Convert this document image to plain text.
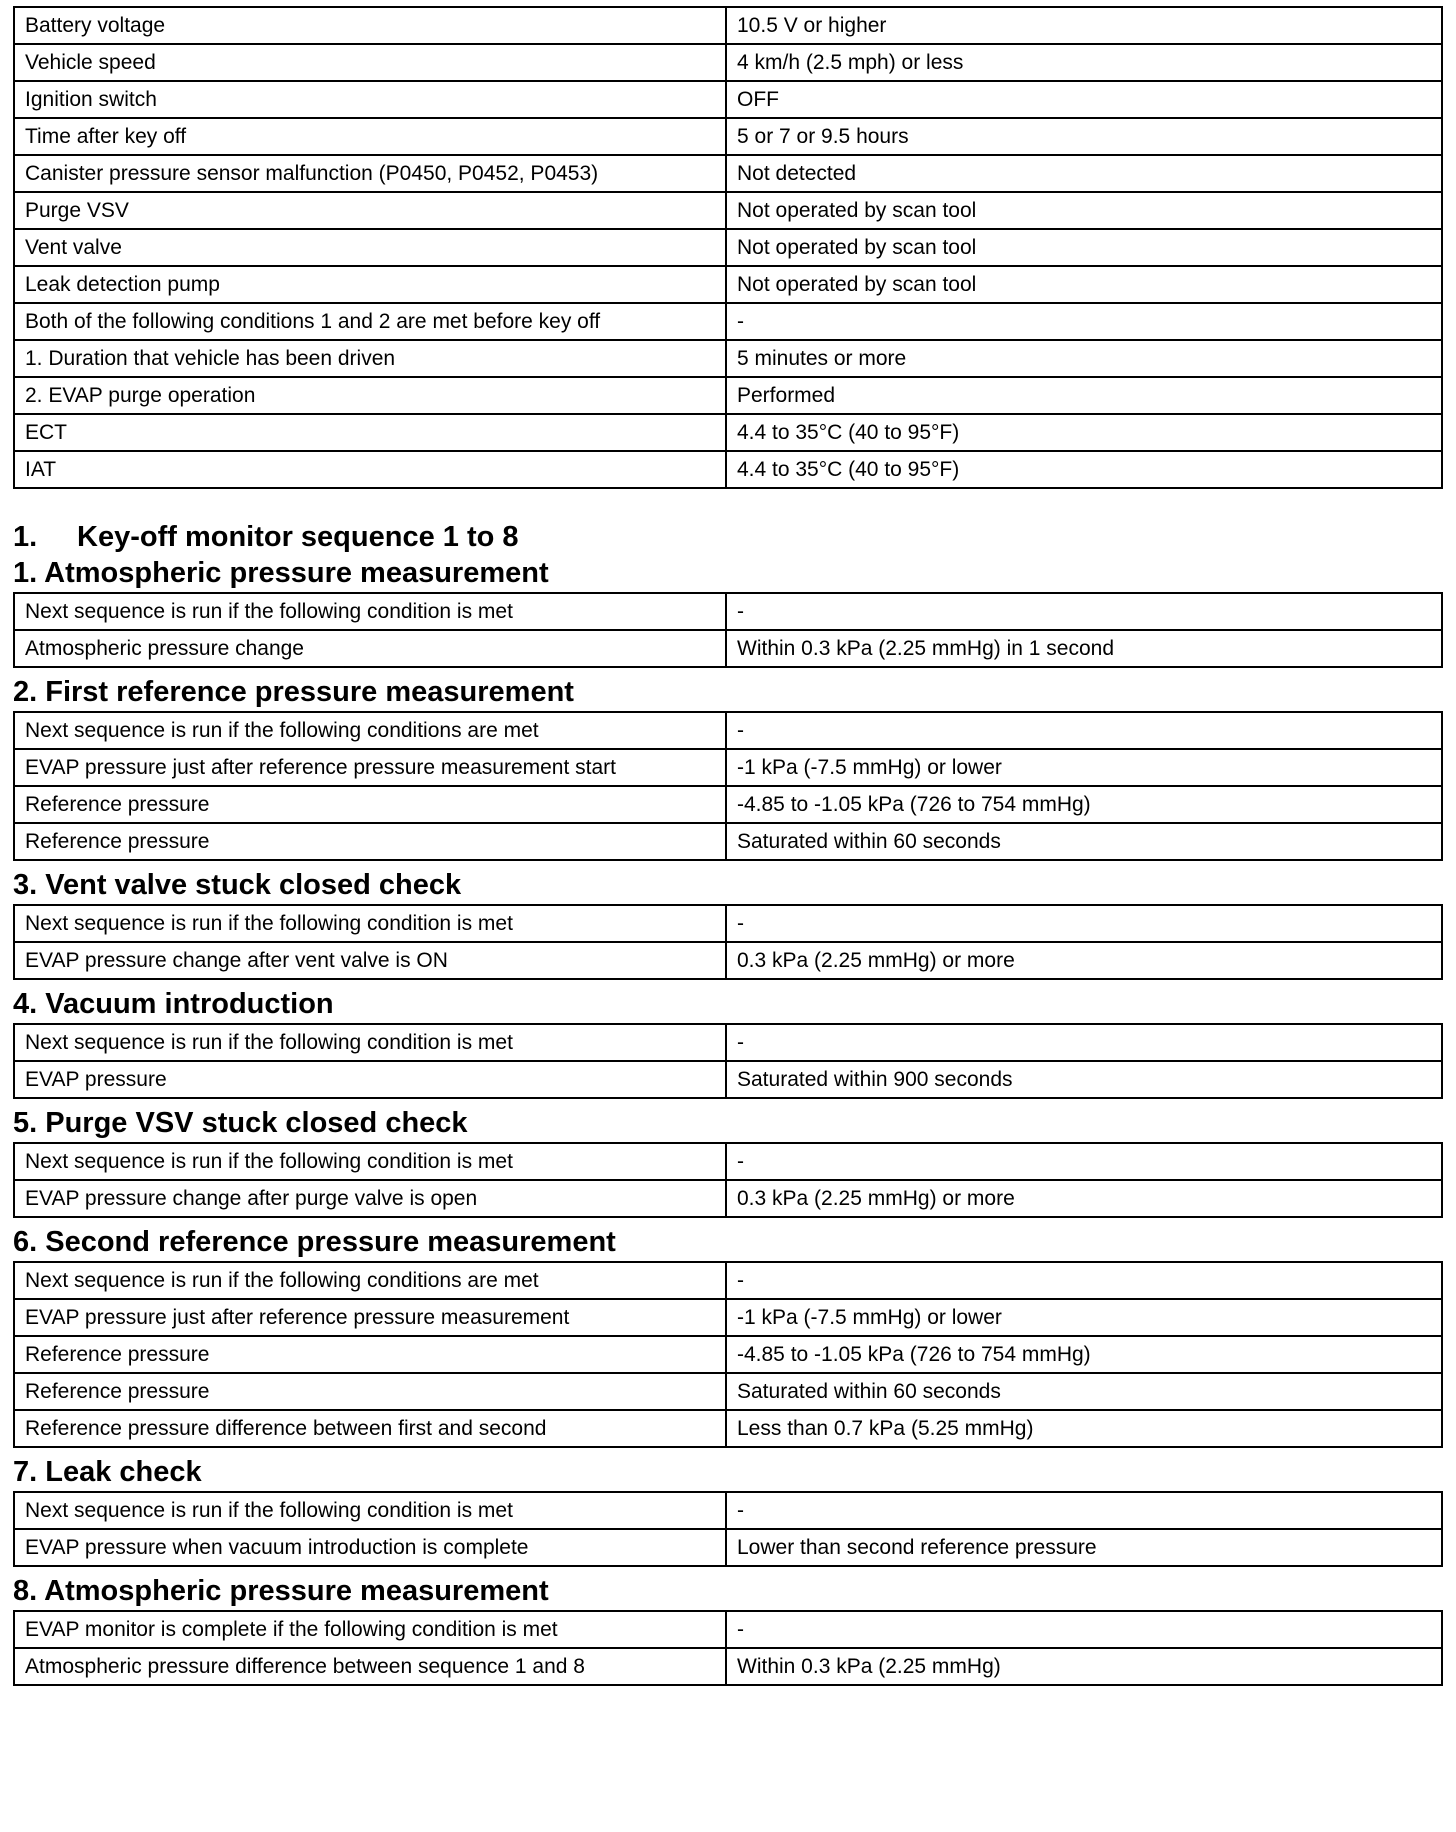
Battery voltage	10.5 V or higher
Vehicle speed	4 km/h (2.5 mph) or less
Ignition switch	OFF
Time after key off	5 or 7 or 9.5 hours
Canister pressure sensor malfunction (P0450, P0452, P0453)	Not detected
Purge VSV	Not operated by scan tool
Vent valve	Not operated by scan tool
Leak detection pump	Not operated by scan tool
Both of the following conditions 1 and 2 are met before key off	-
1. Duration that vehicle has been driven	5 minutes or more
2. EVAP purge operation	Performed
ECT	4.4 to 35°C (40 to 95°F)
IAT	4.4 to 35°C (40 to 95°F)
1. Key-off monitor sequence 1 to 8
1. Atmospheric pressure measurement
Next sequence is run if the following condition is met	-
Atmospheric pressure change	Within 0.3 kPa (2.25 mmHg) in 1 second
2. First reference pressure measurement
Next sequence is run if the following conditions are met	-
EVAP pressure just after reference pressure measurement start	-1 kPa (-7.5 mmHg) or lower
Reference pressure	-4.85 to -1.05 kPa (726 to 754 mmHg)
Reference pressure	Saturated within 60 seconds
3. Vent valve stuck closed check
Next sequence is run if the following condition is met	-
EVAP pressure change after vent valve is ON	0.3 kPa (2.25 mmHg) or more
4. Vacuum introduction
Next sequence is run if the following condition is met	-
EVAP pressure	Saturated within 900 seconds
5. Purge VSV stuck closed check
Next sequence is run if the following condition is met	-
EVAP pressure change after purge valve is open	0.3 kPa (2.25 mmHg) or more
6. Second reference pressure measurement
Next sequence is run if the following conditions are met	-
EVAP pressure just after reference pressure measurement	-1 kPa (-7.5 mmHg) or lower
Reference pressure	-4.85 to -1.05 kPa (726 to 754 mmHg)
Reference pressure	Saturated within 60 seconds
Reference pressure difference between first and second	Less than 0.7 kPa (5.25 mmHg)
7. Leak check
Next sequence is run if the following condition is met	-
EVAP pressure when vacuum introduction is complete	Lower than second reference pressure
8. Atmospheric pressure measurement
EVAP monitor is complete if the following condition is met	-
Atmospheric pressure difference between sequence 1 and 8	Within 0.3 kPa (2.25 mmHg)
